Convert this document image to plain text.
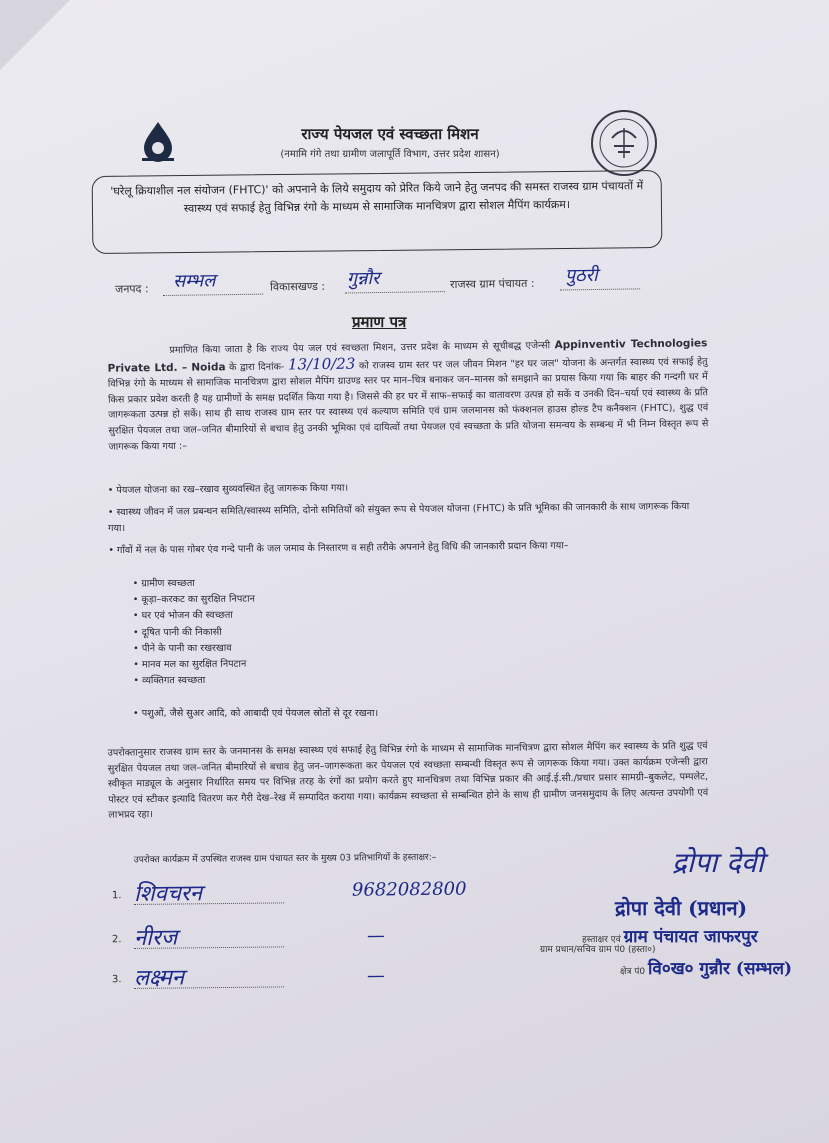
राज्य पेयजल एवं स्वच्छता मिशन
(नमामि गंगे तथा ग्रामीण जलापूर्ति विभाग, उत्तर प्रदेश शासन)
'घरेलू क्रियाशील नल संयोजन (FHTC)' को अपनाने के लिये समुदाय को प्रेरित किये जाने हेतु जनपद की समस्त राजस्व ग्राम पंचायतों में स्वास्थ्य एवं सफाई हेतु विभिन्न रंगो के माध्यम से सामाजिक मानचित्रण द्वारा सोशल मैपिंग कार्यक्रम।
जनपद : सम्भल	विकासखण्ड : गुन्नौर	राजस्व ग्राम पंचायत : पुठरी
प्रमाण पत्र
प्रमाणित किया जाता है कि राज्य पेय जल एवं स्वच्छता मिशन, उत्तर प्रदेश के माध्यम से सूचीबद्ध एजेन्सी Appinventiv Technologies Private Ltd. – Noida के द्वारा दिनांक- 13/10/23 को राजस्व ग्राम स्तर पर जल जीवन मिशन "हर घर जल" योजना के अन्तर्गत स्वास्थ्य एवं सफाई हेतु विभिन्न रंगो के माध्यम से सामाजिक मानचित्रण द्वारा सोशल मैपिंग ग्राउण्ड स्तर पर मान–चित्र बनाकर जन–मानस को समझाने का प्रयास किया गया कि बाहर की गन्दगी घर में किस प्रकार प्रवेश करती है यह ग्रामीणों के समक्ष प्रदर्शित किया गया है। जिससे की हर घर में साफ–सफाई का वातावरण उत्पन्न हो सकें व उनकी दिन–चर्या एवं स्वास्थ्य के प्रति जागरूकता उत्पन्न हो सकें। साथ ही साथ राजस्व ग्राम स्तर पर स्वास्थ्य एवं कल्याण समिति एवं ग्राम जलमानस को फंक्शनल हाउस होल्ड टैप कनैक्शन (FHTC), शुद्ध एवं सुरक्षित पेयजल तथा जल–जनित बीमारियों से बचाव हेतु उनकी भूमिका एवं दायित्वों तथा पेयजल एवं स्वच्छता के प्रति योजना समन्वय के सम्बन्ध में भी निम्न विस्तृत रूप से जागरूक किया गया :–
• पेयजल योजना का रख–रखाव सुव्यवस्थित हेतु जागरूक किया गया।
• स्वास्थ्य जीवन में जल प्रबन्धन समिति/स्वास्थ्य समिति, दोनो समितियों को संयुक्त रूप से पेयजल योजना (FHTC) के प्रति भूमिका की जानकारी के साथ जागरूक किया गया।
• गाँवों में नल के पास गोबर एंव गन्दे पानी के जल जमाव के निस्तारण व सही तरीके अपनाने हेतु विधि की जानकारी प्रदान किया गया–
• ग्रामीण स्वच्छता
• कूड़ा–करकट का सुरक्षित निपटान
• घर एवं भोजन की स्वच्छता
• दूषित पानी की निकासी
• पीने के पानी का रखरखाव
• मानव मल का सुरक्षित निपटान
• व्यक्तिगत स्वच्छता
• पशुओं, जैसे सुअर आदि, को आबादी एवं पेयजल स्रोतों से दूर रखना।
उपरोक्तानुसार राजस्व ग्राम स्तर के जनमानस के समक्ष स्वास्थ्य एवं सफाई हेतु विभिन्न रंगो के माध्यम से सामाजिक मानचित्रण द्वारा सोशल मैपिंग कर स्वास्थ्य के प्रति शुद्ध एवं सुरक्षित पेयजल तथा जल–जनित बीमारियों से बचाव हेतु जन–जागरूकता कर पेयजल एवं स्वच्छता सम्बन्धी विस्तृत रूप से जागरूक किया गया। उक्त कार्यक्रम एजेन्सी द्वारा स्वीकृत माड्यूल के अनुसार निर्धारित समय पर विभिन्न तरह के रंगों का प्रयोग करते हुए मानचित्रण तथा विभिन्न प्रकार की आई.ई.सी./प्रचार प्रसार सामग्री–बुकलेट, पम्पलेट, पोस्टर एवं स्टीकर इत्यादि वितरण कर गैरी देख–रेख में सम्पादित कराया गया। कार्यक्रम स्वच्छता से सम्बन्धित होने के साथ ही ग्रामीण जनसमुदाय के लिए अत्यन्त उपयोगी एवं लाभप्रद रहा।
उपरोक्त कार्यक्रम में उपस्थित राजस्व ग्राम पंचायत स्तर के मुख्य 03 प्रतिभागियों के हस्ताक्षर:–
1. शिवचरन	9682082800
2. नीरज	—
3. लक्ष्मन	—
द्रोपा देवी
द्रोपा देवी (प्रधान)
हस्ताक्षर एवं ग्राम पंचायत जाफरपुर
ग्राम प्रधान/सचिव ग्राम पं0 (हस्ता०)
क्षेत्र पं0 वि०ख० गुन्नौर (सम्भल)
